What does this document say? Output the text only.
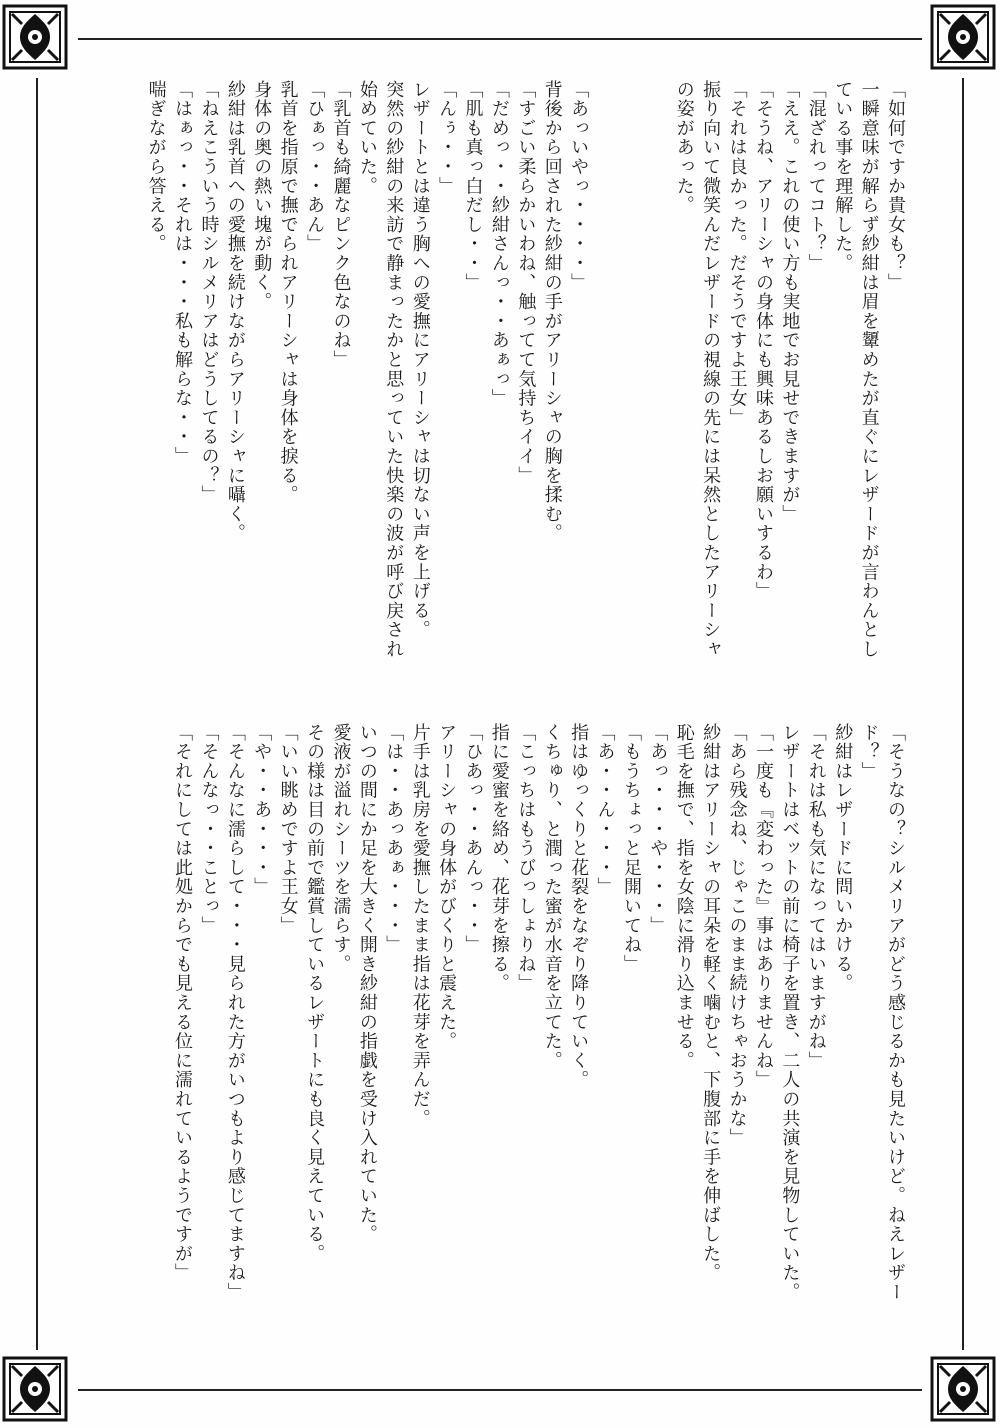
「如何ですか貴女も？」

一瞬意味が解らず紗紺は眉を顰めたが直ぐにレザードが言わんとし

ている事を理解した。

「混ざれってコト？」

「ええ。これの使い方も実地でお見せできますが」

「そうね、アリーシャの身体にも興味あるしお願いするわ」

「それは良かった。だそうですよ王女」

振り向いて微笑んだレザードの視線の先には呆然としたアリーシャ

の姿があった。

「あっいやっ・・・・」

背後から回された紗紺の手がアリーシャの胸を揉む。

「すごい柔らかいわね、触ってて気持ちイイ」

「だめっ・・紗紺さんっ・・あぁっ」

「肌も真っ白だし・・」

「んぅ・・」

レザートとは違う胸への愛撫にアリーシャは切ない声を上げる。

突然の紗紺の来訪で静まったかと思っていた快楽の波が呼び戻され

始めていた。

「乳首も綺麗なピンク色なのね」

「ひぁっ・・あん」

乳首を指原で撫でられアリーシャは身体を捩る。

身体の奥の熱い塊が動く。

紗紺は乳首への愛撫を続けながらアリーシャに囁く。

「ねえこういう時シルメリアはどうしてるの？」

「はぁっ・・それは・・・私も解らな・・」

喘ぎながら答える。

「そうなの？シルメリアがどう感じるかも見たいけど。ねえレザー

ド？」

紗紺はレザードに問いかける。

「それは私も気になってはいますがね」

レザートはベットの前に椅子を置き、二人の共演を見物していた。

「一度も『変わった』事はありませんね」

「あら残念ね、じゃこのまま続けちゃおうかな」

紗紺はアリーシャの耳朵を軽く噛むと、下腹部に手を伸ばした。

恥毛を撫で、指を女陰に滑り込ませる。

「あっ・・・や・・・」

「もうちょっと足開いてね」

「あ・・ん・・・」

指はゆっくりと花裂をなぞり降りていく。

くちゅり、と潤った蜜が水音を立てた。

「こっちはもうびっしょりね」

指に愛蜜を絡め、花芽を擦る。

「ひあっ・・あんっ・・」

アリーシャの身体がびくりと震えた。

片手は乳房を愛撫したまま指は花芽を弄んだ。

「は・・あっあぁ・・・」

いつの間にか足を大きく開き紗紺の指戯を受け入れていた。

愛液が溢れシーツを濡らす。

その様は目の前で鑑賞しているレザートにも良く見えている。

「いい眺めですよ王女」

「や・・あ・・・」

「そんなに濡らして・・・見られた方がいつもより感じてますね」

「そんなっ・・ことっ」

「それにしては此処からでも見える位に濡れているようですが」
